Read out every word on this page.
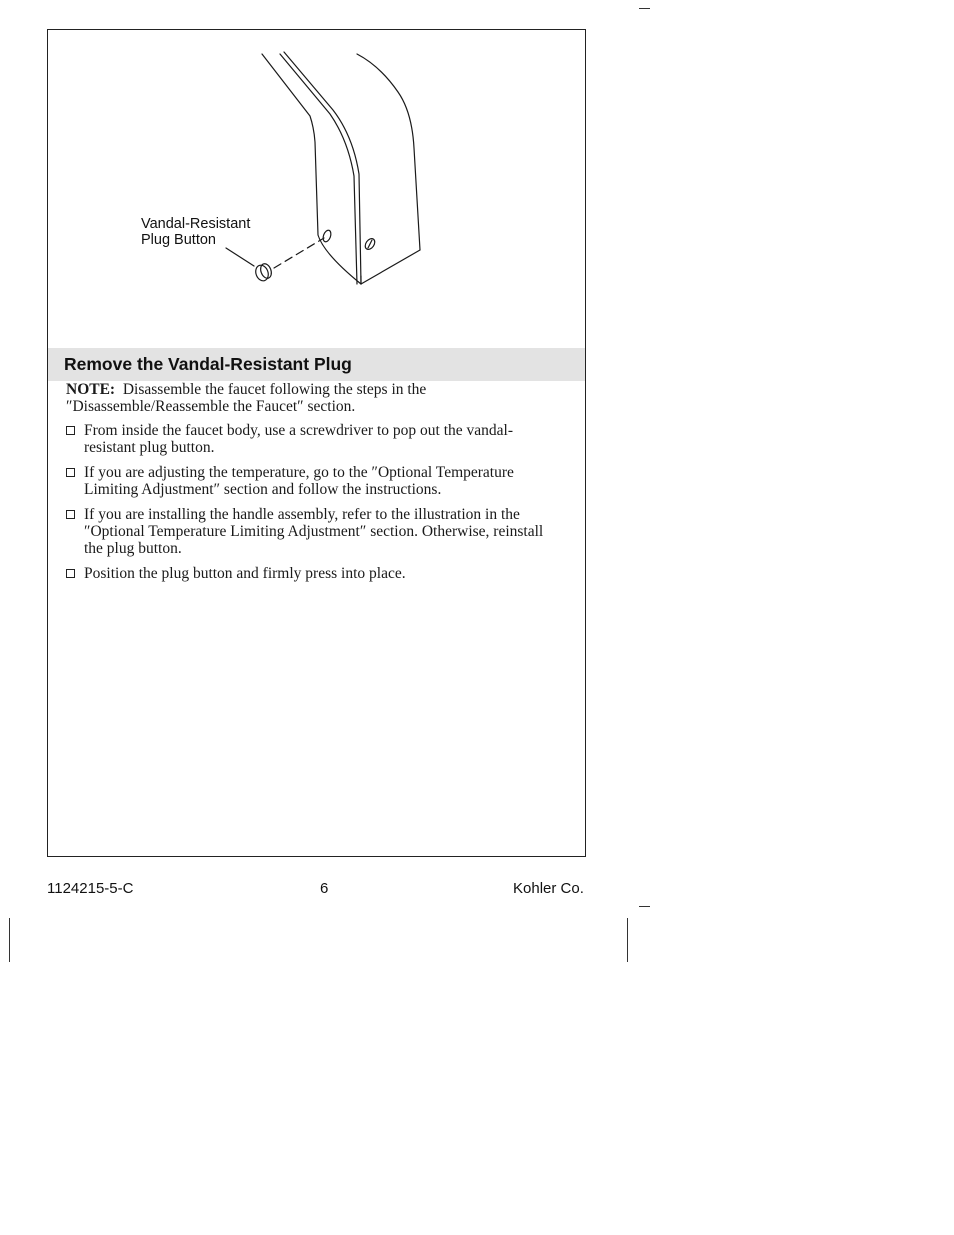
Vandal-Resistant
Plug Button
Remove the Vandal-Resistant Plug

NOTE: Disassemble the faucet following the steps in the ″Disassemble/Reassemble the Faucet″ section.

From inside the faucet body, use a screwdriver to pop out the vandal-resistant plug button.
If you are adjusting the temperature, go to the ″Optional Temperature Limiting Adjustment″ section and follow the instructions.
If you are installing the handle assembly, refer to the illustration in the ″Optional Temperature Limiting Adjustment″ section. Otherwise, reinstall the plug button.
Position the plug button and firmly press into place.
1124215-5-C	6	Kohler Co.
